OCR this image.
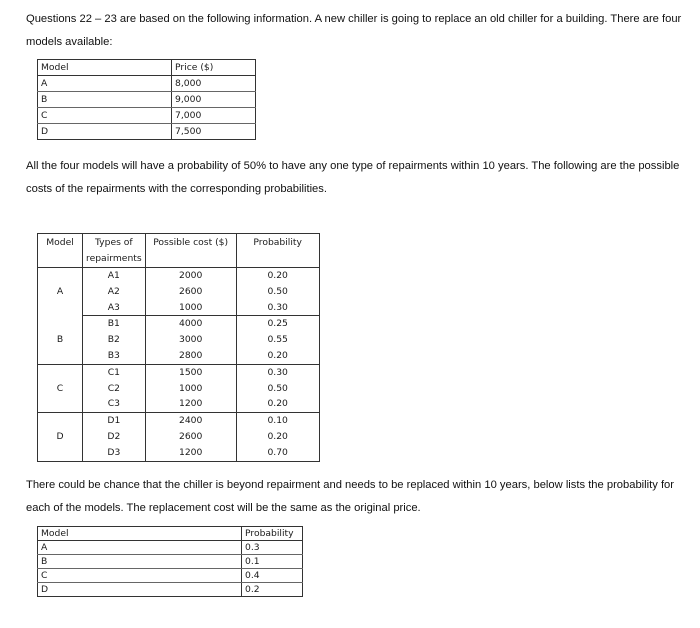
Questions 22 – 23 are based on the following information. A new chiller is going to replace an old chiller for a building. There are four models available:

Model	Price ($)
A	8,000
B	9,000
C	7,000
D	7,500

All the four models will have a probability of 50% to have any one type of repairments within 10 years. The following are the possible costs of the repairments with the corresponding probabilities.

Model	Types of repairments	Possible cost ($)	Probability
A	A1	2000	0.20
	A2	2600	0.50
	A3	1000	0.30
B	B1	4000	0.25
	B2	3000	0.55
	B3	2800	0.20
C	C1	1500	0.30
	C2	1000	0.50
	C3	1200	0.20
D	D1	2400	0.10
	D2	2600	0.20
	D3	1200	0.70

There could be chance that the chiller is beyond repairment and needs to be replaced within 10 years, below lists the probability for each of the models. The replacement cost will be the same as the original price.

Model	Probability
A	0.3
B	0.1
C	0.4
D	0.2
